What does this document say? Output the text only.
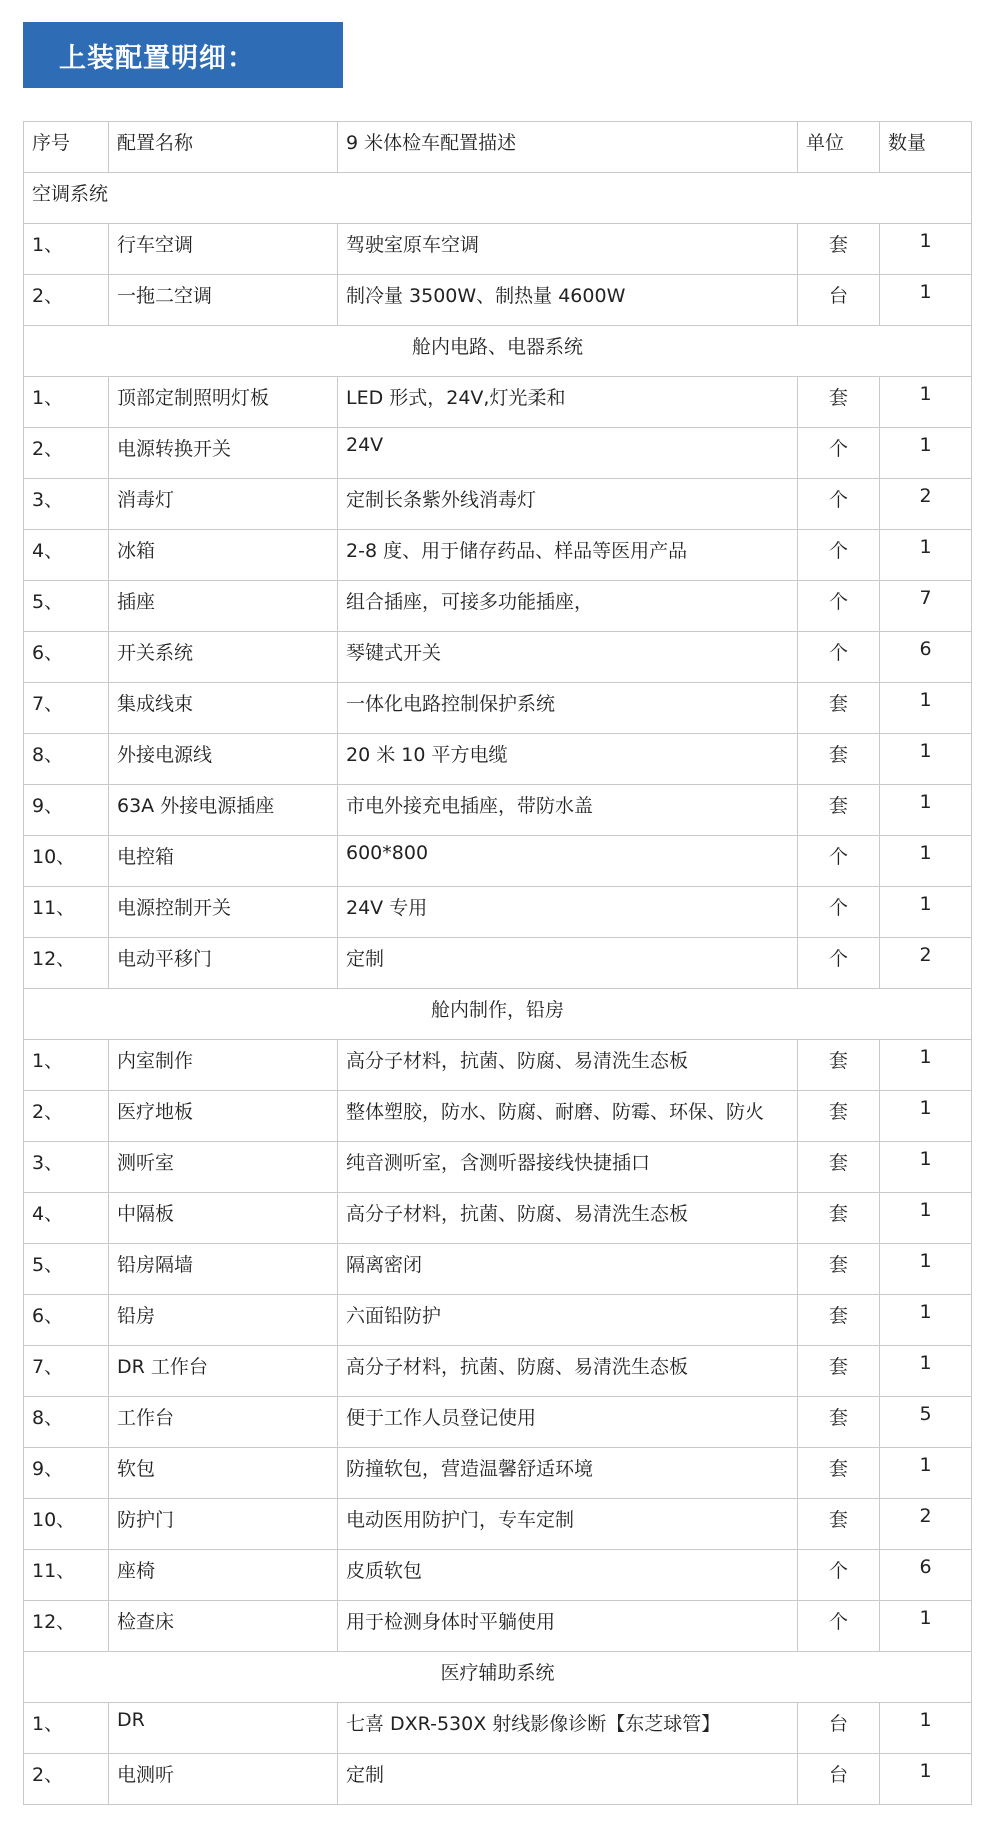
上装配置明细：
序号	配置名称	9 米体检车配置描述	单位	数量
空调系统				
1、	行车空调	驾驶室原车空调	套	1
2、	一拖二空调	制冷量 3500W、制热量 4600W	台	1
舱内电路、电器系统				
1、	顶部定制照明灯板	LED 形式，24V,灯光柔和	套	1
2、	电源转换开关	24V	个	1
3、	消毒灯	定制长条紫外线消毒灯	个	2
4、	冰箱	2-8 度、用于储存药品、样品等医用产品	个	1
5、	插座	组合插座，可接多功能插座，	个	7
6、	开关系统	琴键式开关	个	6
7、	集成线束	一体化电路控制保护系统	套	1
8、	外接电源线	20 米 10 平方电缆	套	1
9、	63A 外接电源插座	市电外接充电插座，带防水盖	套	1
10、	电控箱	600*800	个	1
11、	电源控制开关	24V 专用	个	1
12、	电动平移门	定制	个	2
舱内制作，铅房				
1、	内室制作	高分子材料，抗菌、防腐、易清洗生态板	套	1
2、	医疗地板	整体塑胶，防水、防腐、耐磨、防霉、环保、防火	套	1
3、	测听室	纯音测听室，含测听器接线快捷插口	套	1
4、	中隔板	高分子材料，抗菌、防腐、易清洗生态板	套	1
5、	铅房隔墙	隔离密闭	套	1
6、	铅房	六面铅防护	套	1
7、	DR 工作台	高分子材料，抗菌、防腐、易清洗生态板	套	1
8、	工作台	便于工作人员登记使用	套	5
9、	软包	防撞软包，营造温馨舒适环境	套	1
10、	防护门	电动医用防护门，专车定制	套	2
11、	座椅	皮质软包	个	6
12、	检查床	用于检测身体时平躺使用	个	1
医疗辅助系统				
1、	DR	七喜 DXR-530X 射线影像诊断【东芝球管】	台	1
2、	电测听	定制	台	1
